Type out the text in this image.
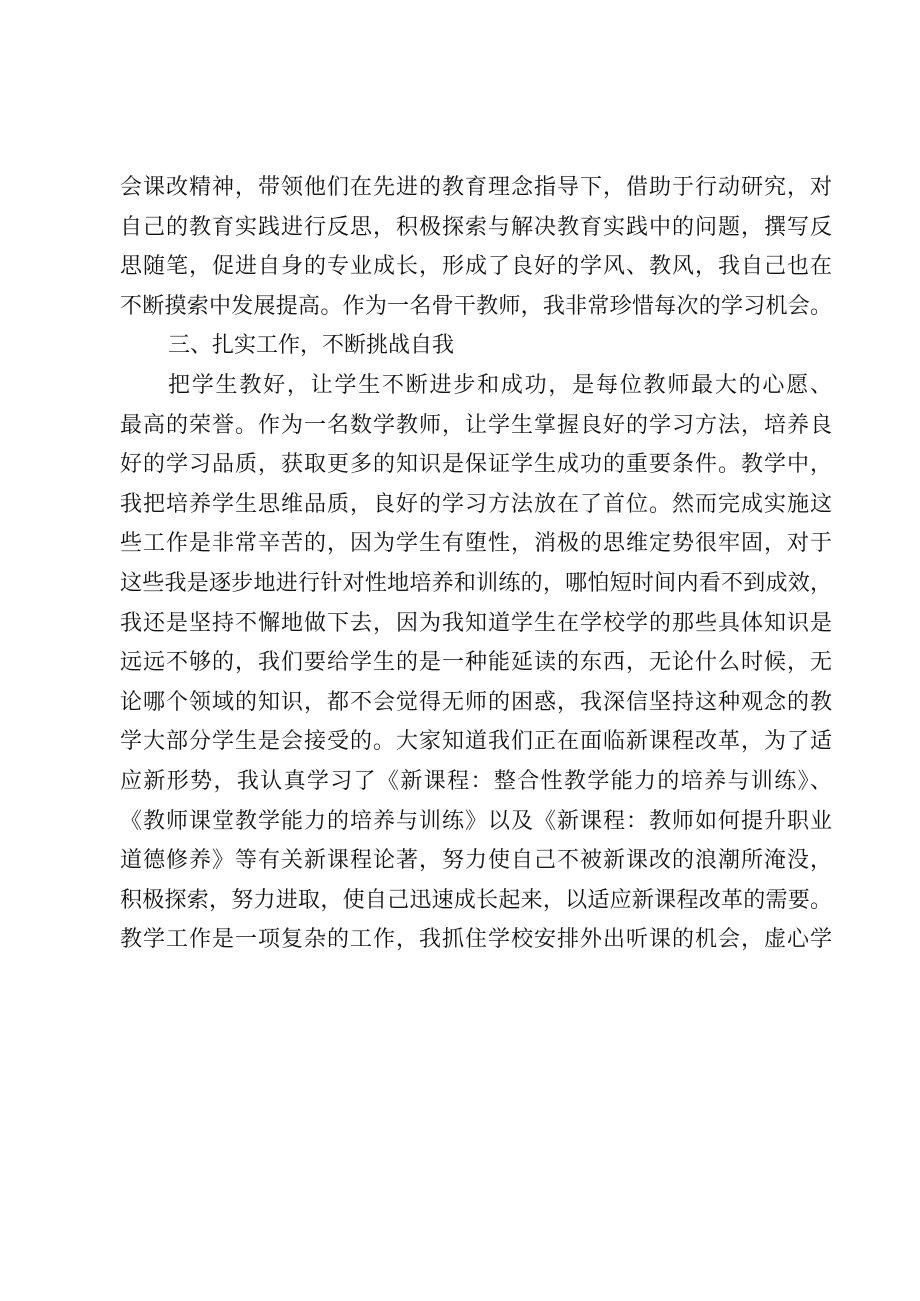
会课改精神，带领他们在先进的教育理念指导下，借助于行动研究，对
自己的教育实践进行反思，积极探索与解决教育实践中的问题，撰写反
思随笔，促进自身的专业成长，形成了良好的学风、教风，我自己也在
不断摸索中发展提高。作为一名骨干教师，我非常珍惜每次的学习机会。
三、扎实工作，不断挑战自我
把学生教好，让学生不断进步和成功，是每位教师最大的心愿、
最高的荣誉。作为一名数学教师，让学生掌握良好的学习方法，培养良
好的学习品质，获取更多的知识是保证学生成功的重要条件。教学中，
我把培养学生思维品质，良好的学习方法放在了首位。然而完成实施这
些工作是非常辛苦的，因为学生有堕性，消极的思维定势很牢固，对于
这些我是逐步地进行针对性地培养和训练的，哪怕短时间内看不到成效，
我还是坚持不懈地做下去，因为我知道学生在学校学的那些具体知识是
远远不够的，我们要给学生的是一种能延读的东西，无论什么时候，无
论哪个领域的知识，都不会觉得无师的困惑，我深信坚持这种观念的教
学大部分学生是会接受的。大家知道我们正在面临新课程改革，为了适
应新形势，我认真学习了《新课程：整合性教学能力的培养与训练》、
《教师课堂教学能力的培养与训练》以及《新课程：教师如何提升职业
道德修养》等有关新课程论著，努力使自己不被新课改的浪潮所淹没，
积极探索，努力进取，使自己迅速成长起来，以适应新课程改革的需要。
教学工作是一项复杂的工作，我抓住学校安排外出听课的机会，虚心学
